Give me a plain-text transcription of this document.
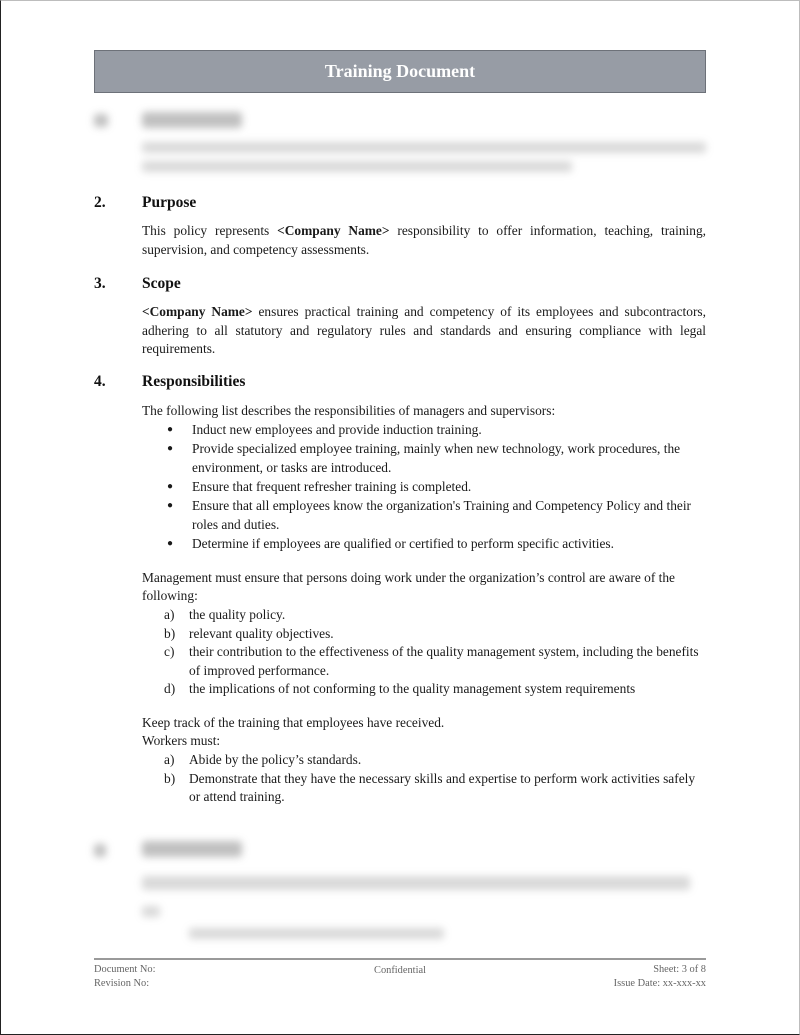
Training Document
2.	Purpose
This policy represents <Company Name> responsibility to offer information, teaching, training, supervision, and competency assessments.
3.	Scope
<Company Name> ensures practical training and competency of its employees and subcontractors, adhering to all statutory and regulatory rules and standards and ensuring compliance with legal requirements.
4.	Responsibilities
The following list describes the responsibilities of managers and supervisors:
●	Induct new employees and provide induction training.
●	Provide specialized employee training, mainly when new technology, work procedures, the environment, or tasks are introduced.
●	Ensure that frequent refresher training is completed.
●	Ensure that all employees know the organization's Training and Competency Policy and their roles and duties.
●	Determine if employees are qualified or certified to perform specific activities.
Management must ensure that persons doing work under the organization’s control are aware of the following:
a)	the quality policy.
b)	relevant quality objectives.
c)	their contribution to the effectiveness of the quality management system, including the benefits of improved performance.
d)	the implications of not conforming to the quality management system requirements
Keep track of the training that employees have received.
Workers must:
a)	Abide by the policy’s standards.
b)	Demonstrate that they have the necessary skills and expertise to perform work activities safely or attend training.
Document No:	Sheet: 3 of 8
Revision No:	Issue Date: xx-xxx-xx
Confidential
